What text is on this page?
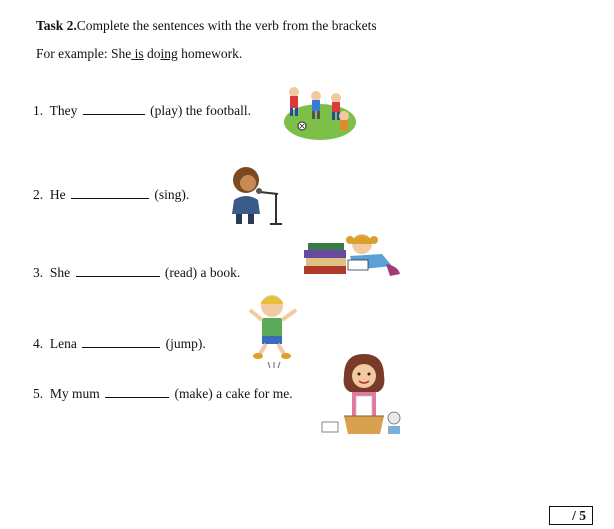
Task 2.Complete the sentences with the verb from the brackets
For example: She is doing homework.
1. They	(play) the football.
2. He	(sing).
3. She	(read) a book.
4. Lena	(jump).
5. My mum	(make) a cake for me.
/ 5
